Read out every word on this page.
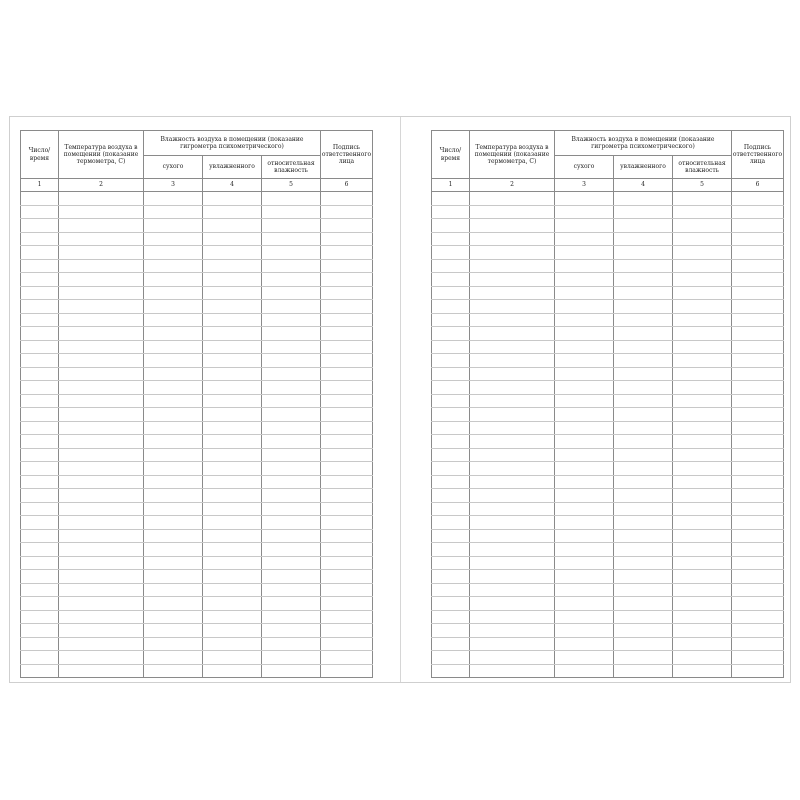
Число/ время	Температура воздуха в помещении (показание термометра, С)	Влажность воздуха в помещении (показание гигрометра психометрического)			Подпись ответственного лица
		сухого	увлажненного	относительная влажность	
1	2	3	4	5	6

Число/ время	Температура воздуха в помещении (показание термометра, С)	Влажность воздуха в помещении (показание гигрометра психометрического)			Подпись ответственного лица
		сухого	увлажненного	относительная влажность	
1	2	3	4	5	6
